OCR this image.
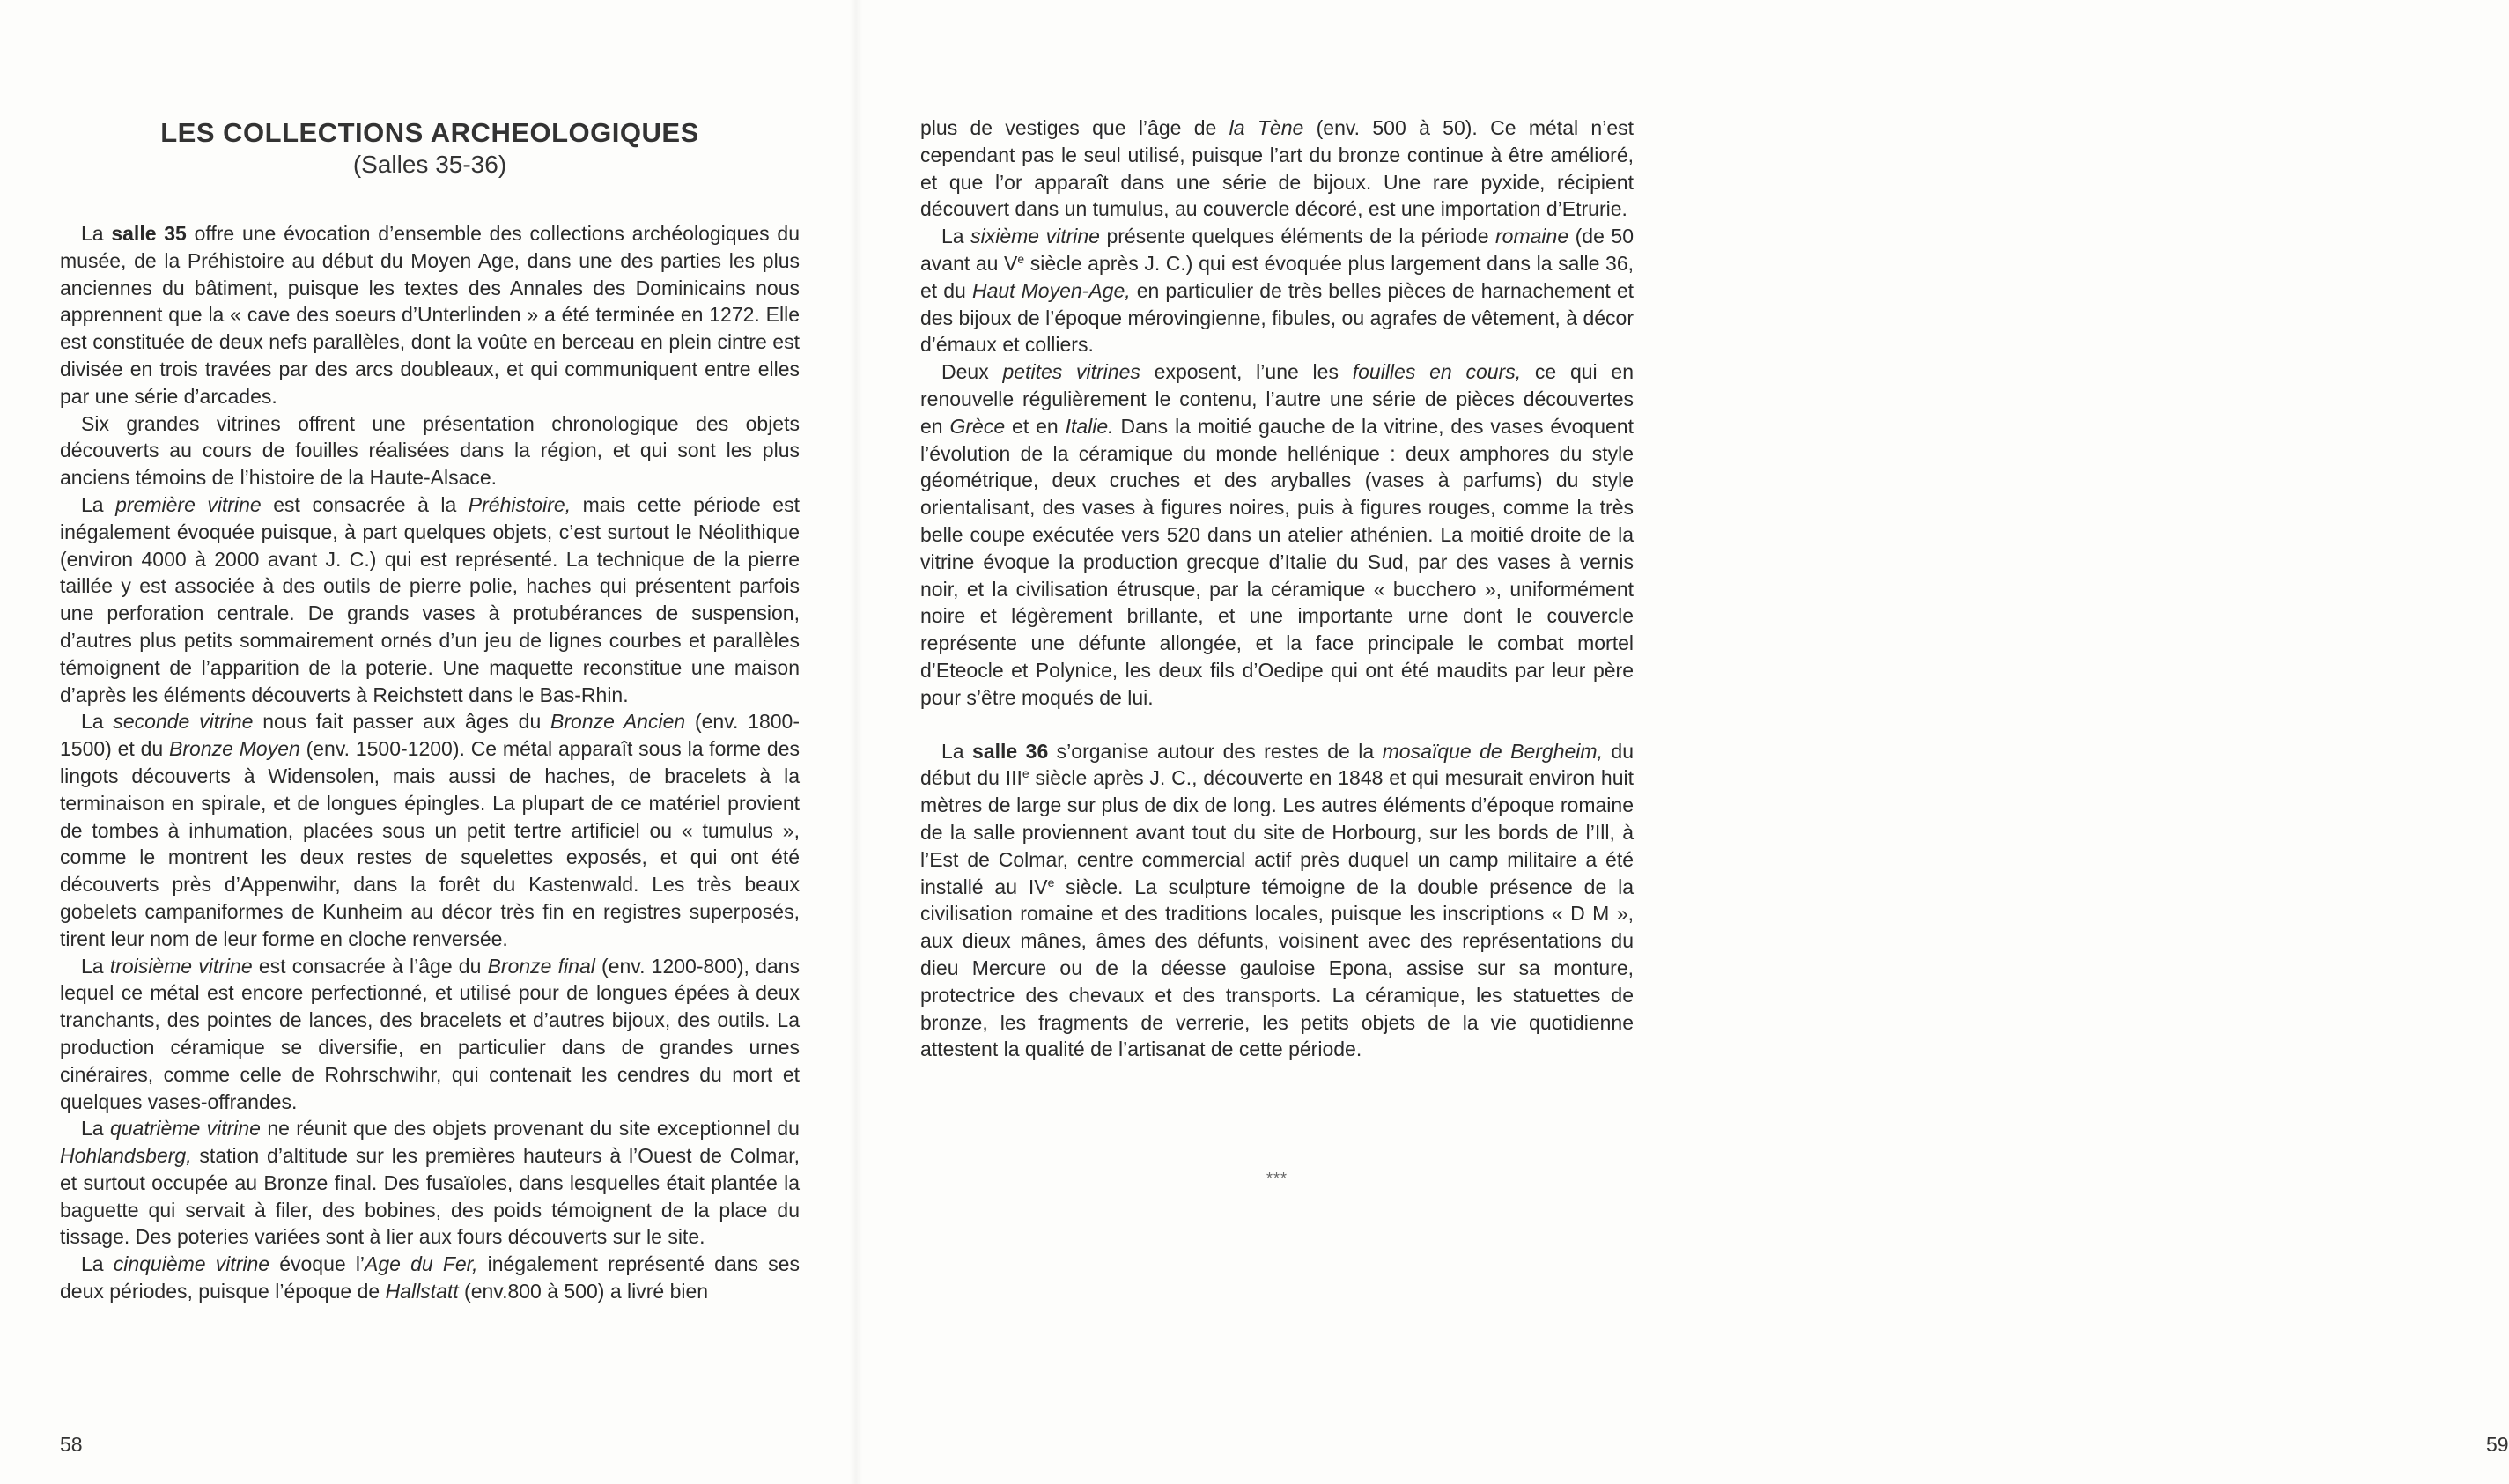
LES COLLECTIONS ARCHEOLOGIQUES
(Salles 35-36)

La salle 35 offre une évocation d’ensemble des collections archéologiques du musée, de la Préhistoire au début du Moyen Age, dans une des parties les plus anciennes du bâtiment, puisque les textes des Annales des Dominicains nous apprennent que la « cave des soeurs d’Unterlinden » a été terminée en 1272. Elle est constituée de deux nefs parallèles, dont la voûte en berceau en plein cintre est divisée en trois travées par des arcs doubleaux, et qui communiquent entre elles par une série d’arcades.

Six grandes vitrines offrent une présentation chronologique des objets découverts au cours de fouilles réalisées dans la région, et qui sont les plus anciens témoins de l’histoire de la Haute-Alsace.

La première vitrine est consacrée à la Préhistoire, mais cette période est inégalement évoquée puisque, à part quelques objets, c’est surtout le Néolithique (environ 4000 à 2000 avant J. C.) qui est représenté. La technique de la pierre taillée y est associée à des outils de pierre polie, haches qui présentent parfois une perforation centrale. De grands vases à protubérances de suspension, d’autres plus petits sommairement ornés d’un jeu de lignes courbes et parallèles témoignent de l’apparition de la poterie. Une maquette reconstitue une maison d’après les éléments découverts à Reichstett dans le Bas-Rhin.

La seconde vitrine nous fait passer aux âges du Bronze Ancien (env. 1800-1500) et du Bronze Moyen (env. 1500-1200). Ce métal apparaît sous la forme des lingots découverts à Widensolen, mais aussi de haches, de bracelets à la terminaison en spirale, et de longues épingles. La plupart de ce matériel provient de tombes à inhumation, placées sous un petit tertre artificiel ou « tumulus », comme le montrent les deux restes de squelettes exposés, et qui ont été découverts près d’Appenwihr, dans la forêt du Kastenwald. Les très beaux gobelets campaniformes de Kunheim au décor très fin en registres superposés, tirent leur nom de leur forme en cloche renversée.

La troisième vitrine est consacrée à l’âge du Bronze final (env. 1200-800), dans lequel ce métal est encore perfectionné, et utilisé pour de longues épées à deux tranchants, des pointes de lances, des bracelets et d’autres bijoux, des outils. La production céramique se diversifie, en particulier dans de grandes urnes cinéraires, comme celle de Rohrschwihr, qui contenait les cendres du mort et quelques vases-offrandes.

La quatrième vitrine ne réunit que des objets provenant du site exceptionnel du Hohlandsberg, station d’altitude sur les premières hauteurs à l’Ouest de Colmar, et surtout occupée au Bronze final. Des fusaïoles, dans lesquelles était plantée la baguette qui servait à filer, des bobines, des poids témoignent de la place du tissage. Des poteries variées sont à lier aux fours découverts sur le site.

La cinquième vitrine évoque l’Age du Fer, inégalement représenté dans ses deux périodes, puisque l’époque de Hallstatt (env.800 à 500) a livré bien

58

plus de vestiges que l’âge de la Tène (env. 500 à 50). Ce métal n’est cependant pas le seul utilisé, puisque l’art du bronze continue à être amélioré, et que l’or apparaît dans une série de bijoux. Une rare pyxide, récipient découvert dans un tumulus, au couvercle décoré, est une importation d’Etrurie.

La sixième vitrine présente quelques éléments de la période romaine (de 50 avant au Ve siècle après J. C.) qui est évoquée plus largement dans la salle 36, et du Haut Moyen-Age, en particulier de très belles pièces de harnachement et des bijoux de l’époque mérovingienne, fibules, ou agrafes de vêtement, à décor d’émaux et colliers.

Deux petites vitrines exposent, l’une les fouilles en cours, ce qui en renouvelle régulièrement le contenu, l’autre une série de pièces découvertes en Grèce et en Italie. Dans la moitié gauche de la vitrine, des vases évoquent l’évolution de la céramique du monde hellénique : deux amphores du style géométrique, deux cruches et des aryballes (vases à parfums) du style orientalisant, des vases à figures noires, puis à figures rouges, comme la très belle coupe exécutée vers 520 dans un atelier athénien. La moitié droite de la vitrine évoque la production grecque d’Italie du Sud, par des vases à vernis noir, et la civilisation étrusque, par la céramique « bucchero », uniformément noire et légèrement brillante, et une importante urne dont le couvercle représente une défunte allongée, et la face principale le combat mortel d’Eteocle et Polynice, les deux fils d’Oedipe qui ont été maudits par leur père pour s’être moqués de lui.

La salle 36 s’organise autour des restes de la mosaïque de Bergheim, du début du IIIe siècle après J. C., découverte en 1848 et qui mesurait environ huit mètres de large sur plus de dix de long. Les autres éléments d’époque romaine de la salle proviennent avant tout du site de Horbourg, sur les bords de l’Ill, à l’Est de Colmar, centre commercial actif près duquel un camp militaire a été installé au IVe siècle. La sculpture témoigne de la double présence de la civilisation romaine et des traditions locales, puisque les inscriptions « D M », aux dieux mânes, âmes des défunts, voisinent avec des représentations du dieu Mercure ou de la déesse gauloise Epona, assise sur sa monture, protectrice des chevaux et des transports. La céramique, les statuettes de bronze, les fragments de verrerie, les petits objets de la vie quotidienne attestent la qualité de l’artisanat de cette période.

***
59
